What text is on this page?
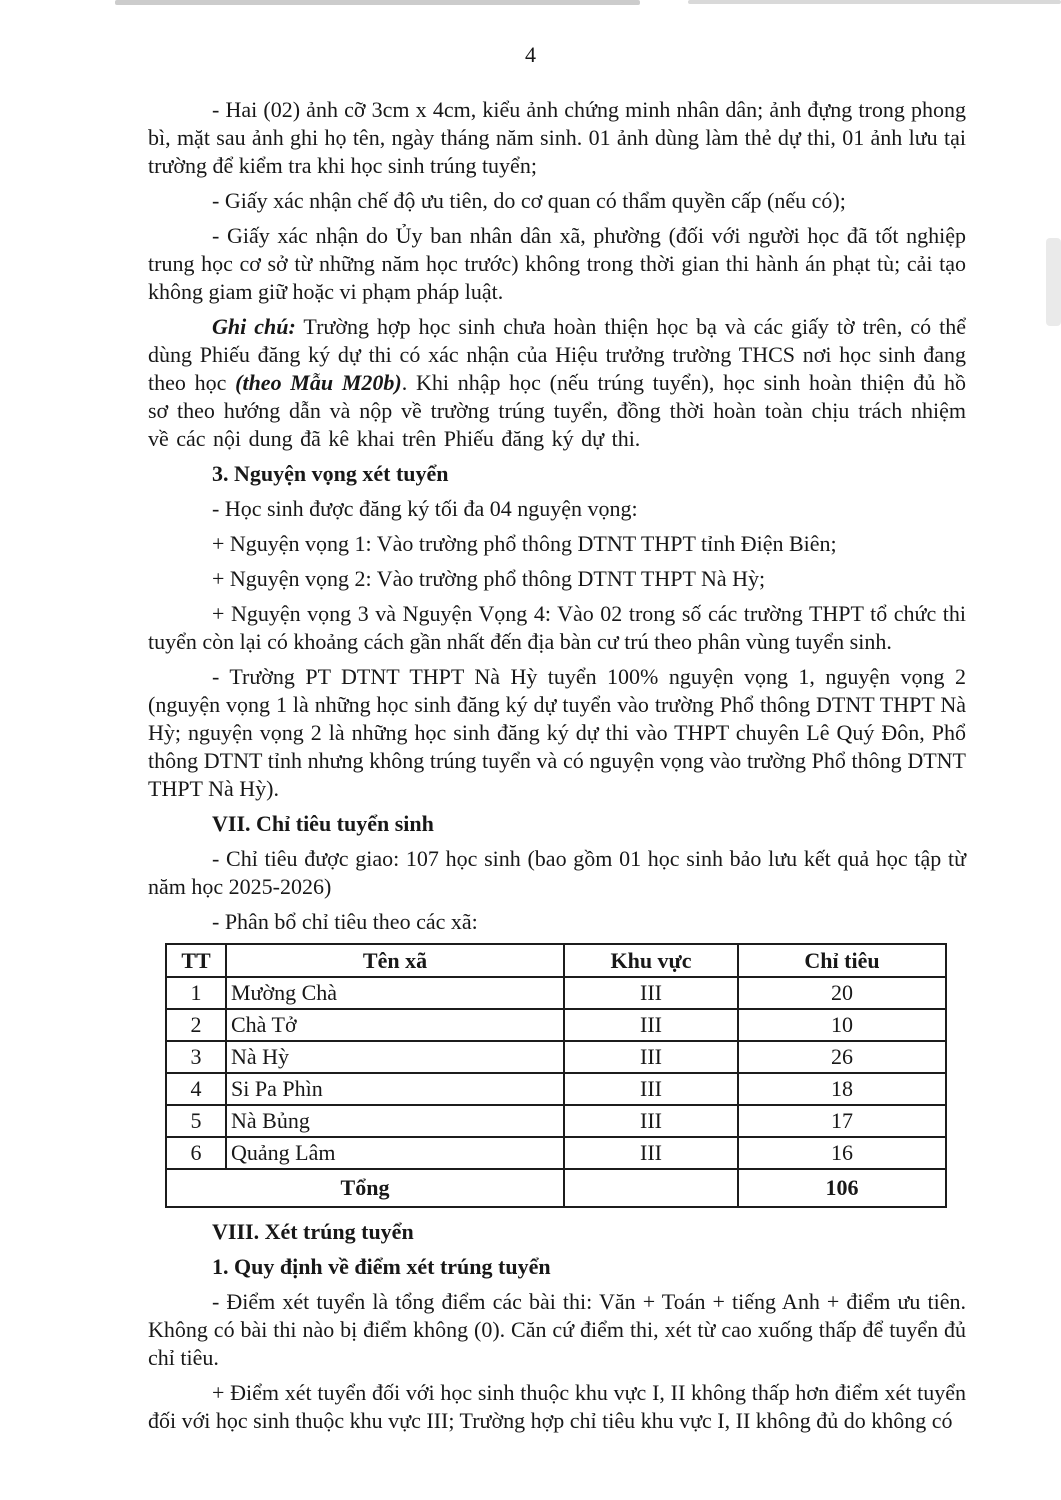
4

- Hai (02) ảnh cỡ 3cm x 4cm, kiểu ảnh chứng minh nhân dân; ảnh đựng trong phong bì, mặt sau ảnh ghi họ tên, ngày tháng năm sinh. 01 ảnh dùng làm thẻ dự thi, 01 ảnh lưu tại trường để kiểm tra khi học sinh trúng tuyển;

- Giấy xác nhận chế độ ưu tiên, do cơ quan có thẩm quyền cấp (nếu có);

- Giấy xác nhận do Ủy ban nhân dân xã, phường (đối với người học đã tốt nghiệp trung học cơ sở từ những năm học trước) không trong thời gian thi hành án phạt tù; cải tạo không giam giữ hoặc vi phạm pháp luật.

Ghi chú: Trường hợp học sinh chưa hoàn thiện học bạ và các giấy tờ trên, có thể dùng Phiếu đăng ký dự thi có xác nhận của Hiệu trưởng trường THCS nơi học sinh đang theo học (theo Mẫu M20b). Khi nhập học (nếu trúng tuyển), học sinh hoàn thiện đủ hồ sơ theo hướng dẫn và nộp về trường trúng tuyển, đồng thời hoàn toàn chịu trách nhiệm về các nội dung đã kê khai trên Phiếu đăng ký dự thi.

3. Nguyện vọng xét tuyển

- Học sinh được đăng ký tối đa 04 nguyện vọng:

+ Nguyện vọng 1: Vào trường phổ thông DTNT THPT tỉnh Điện Biên;

+ Nguyện vọng 2: Vào trường phổ thông DTNT THPT Nà Hỳ;

+ Nguyện vọng 3 và Nguyện Vọng 4: Vào 02 trong số các trường THPT tổ chức thi tuyển còn lại có khoảng cách gần nhất đến địa bàn cư trú theo phân vùng tuyển sinh.

- Trường PT DTNT THPT Nà Hỳ tuyển 100% nguyện vọng 1, nguyện vọng 2 (nguyện vọng 1 là những học sinh đăng ký dự tuyển vào trường Phổ thông DTNT THPT Nà Hỳ; nguyện vọng 2 là những học sinh đăng ký dự thi vào THPT chuyên Lê Quý Đôn, Phổ thông DTNT tỉnh nhưng không trúng tuyển và có nguyện vọng vào trường Phổ thông DTNT THPT Nà Hỳ).

VII. Chỉ tiêu tuyển sinh

- Chỉ tiêu được giao: 107 học sinh (bao gồm 01 học sinh bảo lưu kết quả học tập từ năm học 2025-2026)

- Phân bổ chỉ tiêu theo các xã:

TT	Tên xã	Khu vực	Chỉ tiêu
1	Mường Chà	III	20
2	Chà Tở	III	10
3	Nà Hỳ	III	26
4	Si Pa Phìn	III	18
5	Nà Bủng	III	17
6	Quảng Lâm	III	16
Tổng			106
VIII. Xét trúng tuyển
1. Quy định về điểm xét trúng tuyển

- Điểm xét tuyển là tổng điểm các bài thi: Văn + Toán + tiếng Anh + điểm ưu tiên. Không có bài thi nào bị điểm không (0). Căn cứ điểm thi, xét từ cao xuống thấp để tuyển đủ chỉ tiêu.

+ Điểm xét tuyển đối với học sinh thuộc khu vực I, II không thấp hơn điểm xét tuyển đối với học sinh thuộc khu vực III; Trường hợp chỉ tiêu khu vực I, II không đủ do không có
